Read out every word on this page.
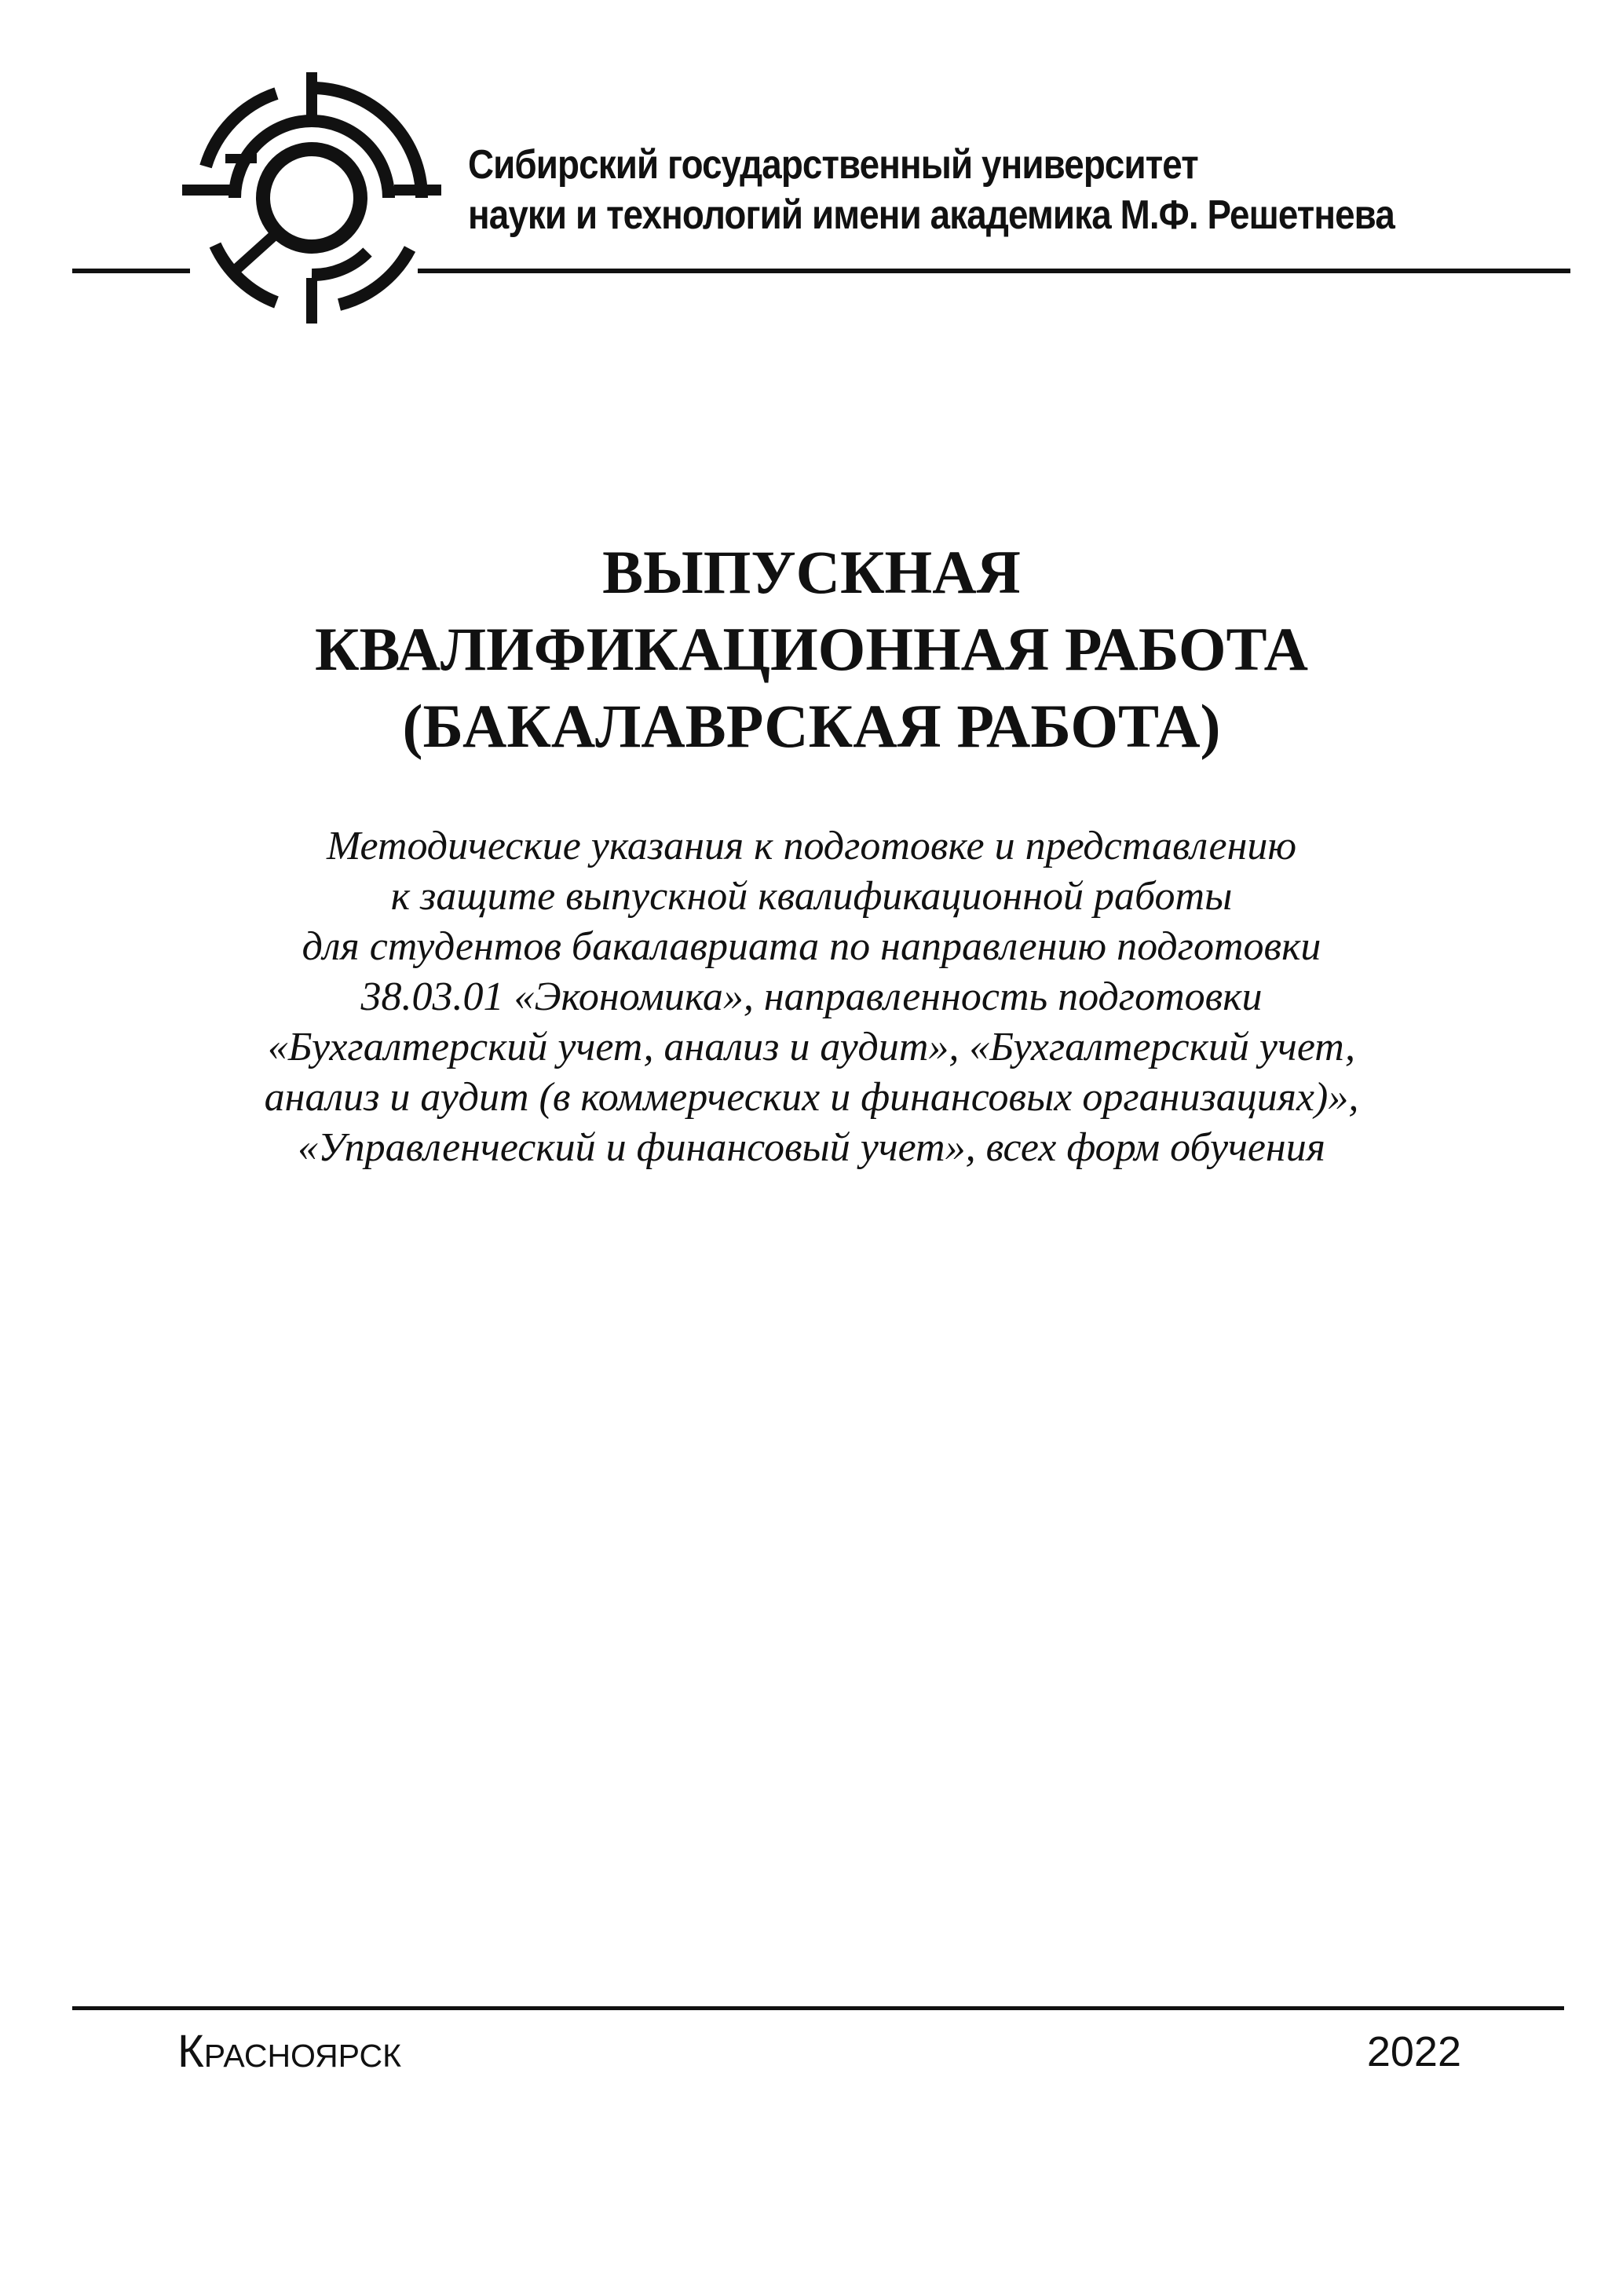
Сибирский государственный университет
науки и технологий имени академика М.Ф. Решетнева
ВЫПУСКНАЯ
КВАЛИФИКАЦИОННАЯ РАБОТА
(БАКАЛАВРСКАЯ РАБОТА)
Методические указания к подготовке и представлению
к защите выпускной квалификационной работы
для студентов бакалавриата по направлению подготовки
38.03.01 «Экономика», направленность подготовки
«Бухгалтерский учет, анализ и аудит», «Бухгалтерский учет,
анализ и аудит (в коммерческих и финансовых организациях)»,
«Управленческий и финансовый учет», всех форм обучения
Красноярск	2022
